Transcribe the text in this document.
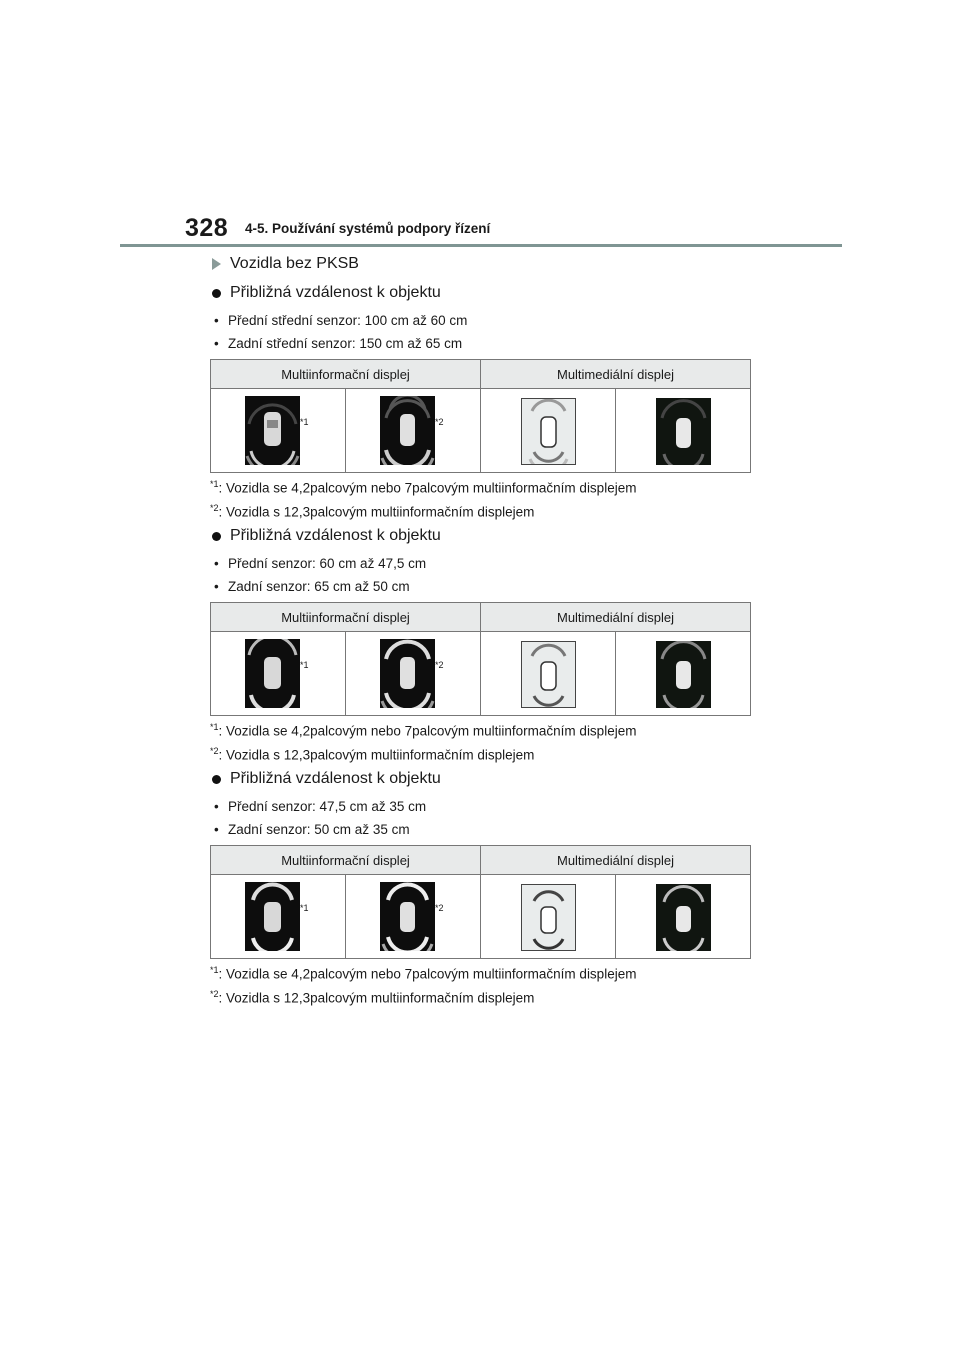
328 4-5. Používání systémů podpory řízení
Vozidla bez PKSB
Přibližná vzdálenost k objektu
• Přední střední senzor: 100 cm až 60 cm
• Zadní střední senzor: 150 cm až 65 cm
Multiinformační displej		Multimediální displej	

*1	*2

$^{*1}$: Vozidla se 4,2palcovým nebo 7palcovým multiinformačním displejem
$^{*2}$: Vozidla s 12,3palcovým multiinformačním displejem
Přibližná vzdálenost k objektu
• Přední senzor: 60 cm až 47,5 cm
• Zadní senzor: 65 cm až 50 cm
Multiinformační displej		Multimediální displej	

*1	*2

$^{*1}$: Vozidla se 4,2palcovým nebo 7palcovým multiinformačním displejem
$^{*2}$: Vozidla s 12,3palcovým multiinformačním displejem
Přibližná vzdálenost k objektu
• Přední senzor: 47,5 cm až 35 cm
• Zadní senzor: 50 cm až 35 cm
Multiinformační displej		Multimediální displej	

*1	*2

$^{*1}$: Vozidla se 4,2palcovým nebo 7palcovým multiinformačním displejem
$^{*2}$: Vozidla s 12,3palcovým multiinformačním displejem
